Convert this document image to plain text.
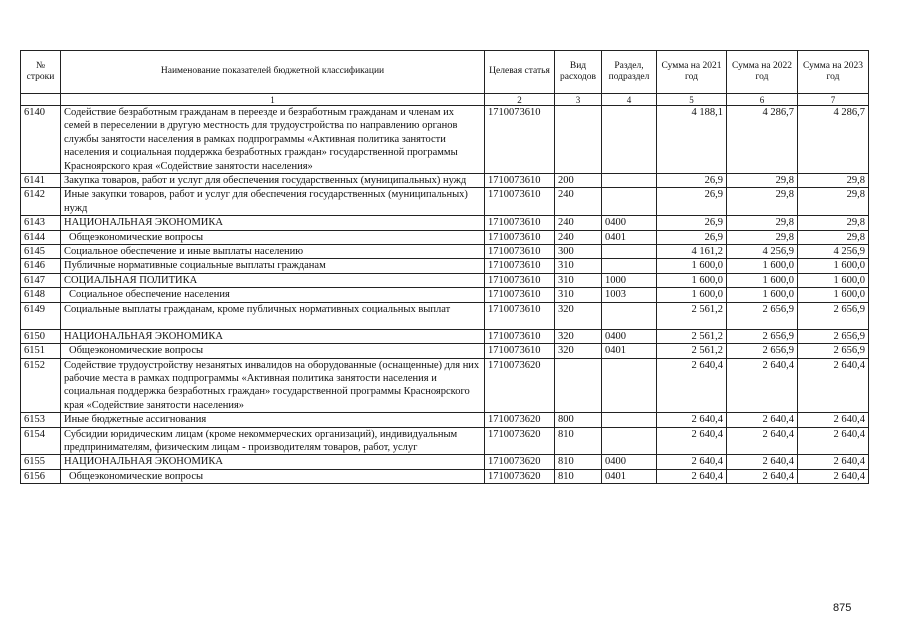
№ строки	Наименование показателей бюджетной классификации	Целевая статья	Вид расходов	Раздел, подраздел	Сумма на 2021 год	Сумма на 2022 год	Сумма на 2023 год
	1	2	3	4	5	6	7
6140	Содействие безработным гражданам в переезде и безработным гражданам и членам их семей в переселении в другую местность для трудоустройства по направлению органов службы занятости населения в рамках подпрограммы «Активная политика занятости населения и социальная поддержка безработных граждан» государственной программы Красноярского края «Содействие занятости населения»	1710073610			4 188,1	4 286,7	4 286,7
6141	Закупка товаров, работ и услуг для обеспечения государственных (муниципальных) нужд	1710073610	200		26,9	29,8	29,8
6142	Иные закупки товаров, работ и услуг для обеспечения государственных (муниципальных) нужд	1710073610	240		26,9	29,8	29,8
6143	НАЦИОНАЛЬНАЯ ЭКОНОМИКА	1710073610	240	0400	26,9	29,8	29,8
6144	Общеэкономические вопросы	1710073610	240	0401	26,9	29,8	29,8
6145	Социальное обеспечение и иные выплаты населению	1710073610	300		4 161,2	4 256,9	4 256,9
6146	Публичные нормативные социальные выплаты гражданам	1710073610	310		1 600,0	1 600,0	1 600,0
6147	СОЦИАЛЬНАЯ ПОЛИТИКА	1710073610	310	1000	1 600,0	1 600,0	1 600,0
6148	Социальное обеспечение населения	1710073610	310	1003	1 600,0	1 600,0	1 600,0
6149	Социальные выплаты гражданам, кроме публичных нормативных социальных выплат	1710073610	320		2 561,2	2 656,9	2 656,9
6150	НАЦИОНАЛЬНАЯ ЭКОНОМИКА	1710073610	320	0400	2 561,2	2 656,9	2 656,9
6151	Общеэкономические вопросы	1710073610	320	0401	2 561,2	2 656,9	2 656,9
6152	Содействие трудоустройству незанятых инвалидов на оборудованные (оснащенные) для них рабочие места в рамках подпрограммы «Активная политика занятости населения и социальная поддержка безработных граждан» государственной программы Красноярского края «Содействие занятости населения»	1710073620			2 640,4	2 640,4	2 640,4
6153	Иные бюджетные ассигнования	1710073620	800		2 640,4	2 640,4	2 640,4
6154	Субсидии юридическим лицам (кроме некоммерческих организаций), индивидуальным предпринимателям, физическим лицам - производителям товаров, работ, услуг	1710073620	810		2 640,4	2 640,4	2 640,4
6155	НАЦИОНАЛЬНАЯ ЭКОНОМИКА	1710073620	810	0400	2 640,4	2 640,4	2 640,4
6156	Общеэкономические вопросы	1710073620	810	0401	2 640,4	2 640,4	2 640,4
875
